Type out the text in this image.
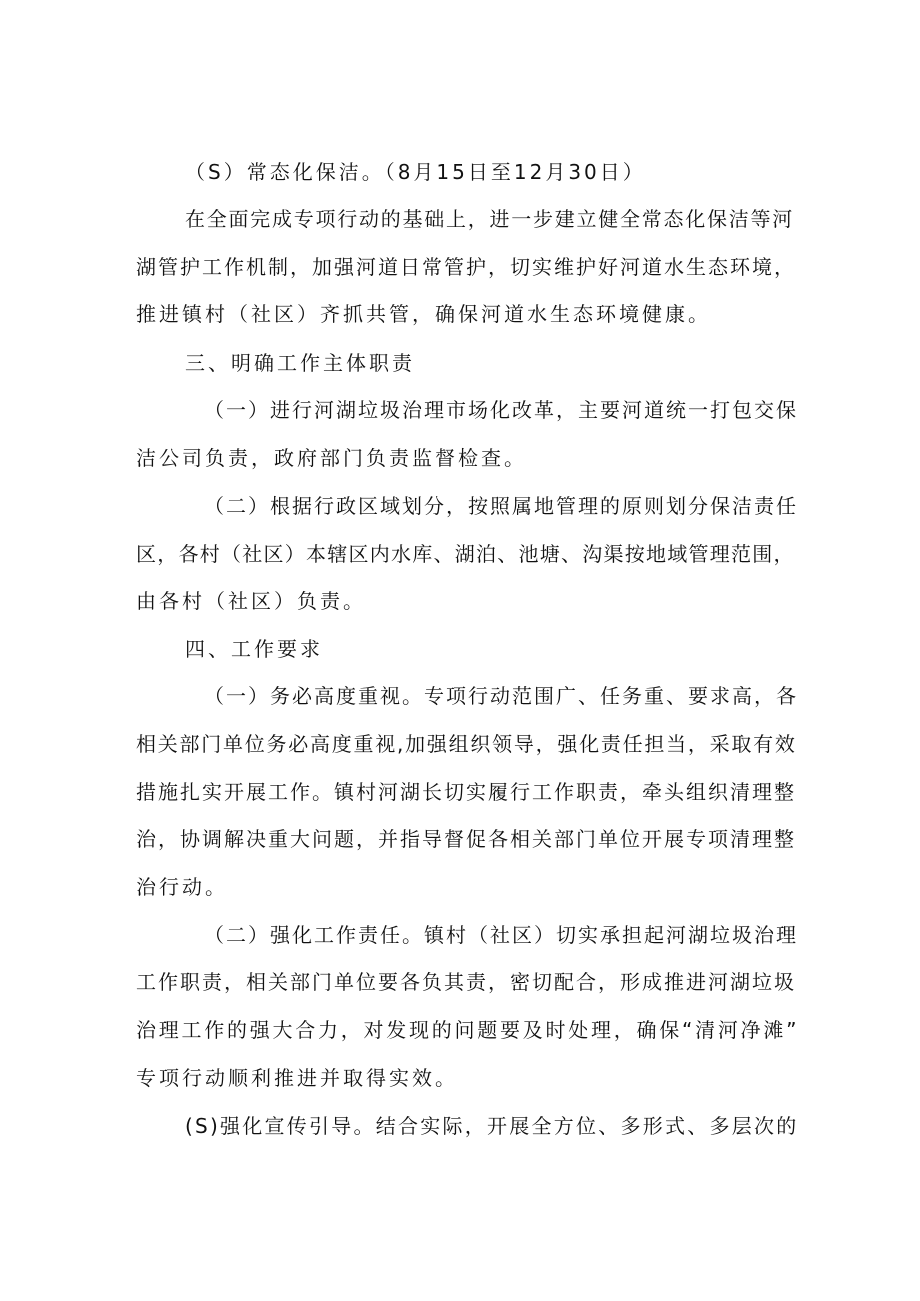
（S）常态化保洁。（8月15日至12月30日）
在全面完成专项行动的基础上，进一步建立健全常态化保洁等河
湖管护工作机制，加强河道日常管护，切实维护好河道水生态环境，
推进镇村（社区）齐抓共管，确保河道水生态环境健康。
三、明确工作主体职责
（一）进行河湖垃圾治理市场化改革，主要河道统一打包交保
洁公司负责，政府部门负责监督检查。
（二）根据行政区域划分，按照属地管理的原则划分保洁责任
区，各村（社区）本辖区内水库、湖泊、池塘、沟渠按地域管理范围，
由各村（社区）负责。
四、工作要求
（一）务必高度重视。专项行动范围广、任务重、要求高，各
相关部门单位务必高度重视,加强组织领导，强化责任担当，采取有效
措施扎实开展工作。镇村河湖长切实履行工作职责，牵头组织清理整
治，协调解决重大问题，并指导督促各相关部门单位开展专项清理整
治行动。
（二）强化工作责任。镇村（社区）切实承担起河湖垃圾治理
工作职责，相关部门单位要各负其责，密切配合，形成推进河湖垃圾
治理工作的强大合力，对发现的问题要及时处理，确保“清河净滩”
专项行动顺利推进并取得实效。
(S)强化宣传引导。结合实际，开展全方位、多形式、多层次的
